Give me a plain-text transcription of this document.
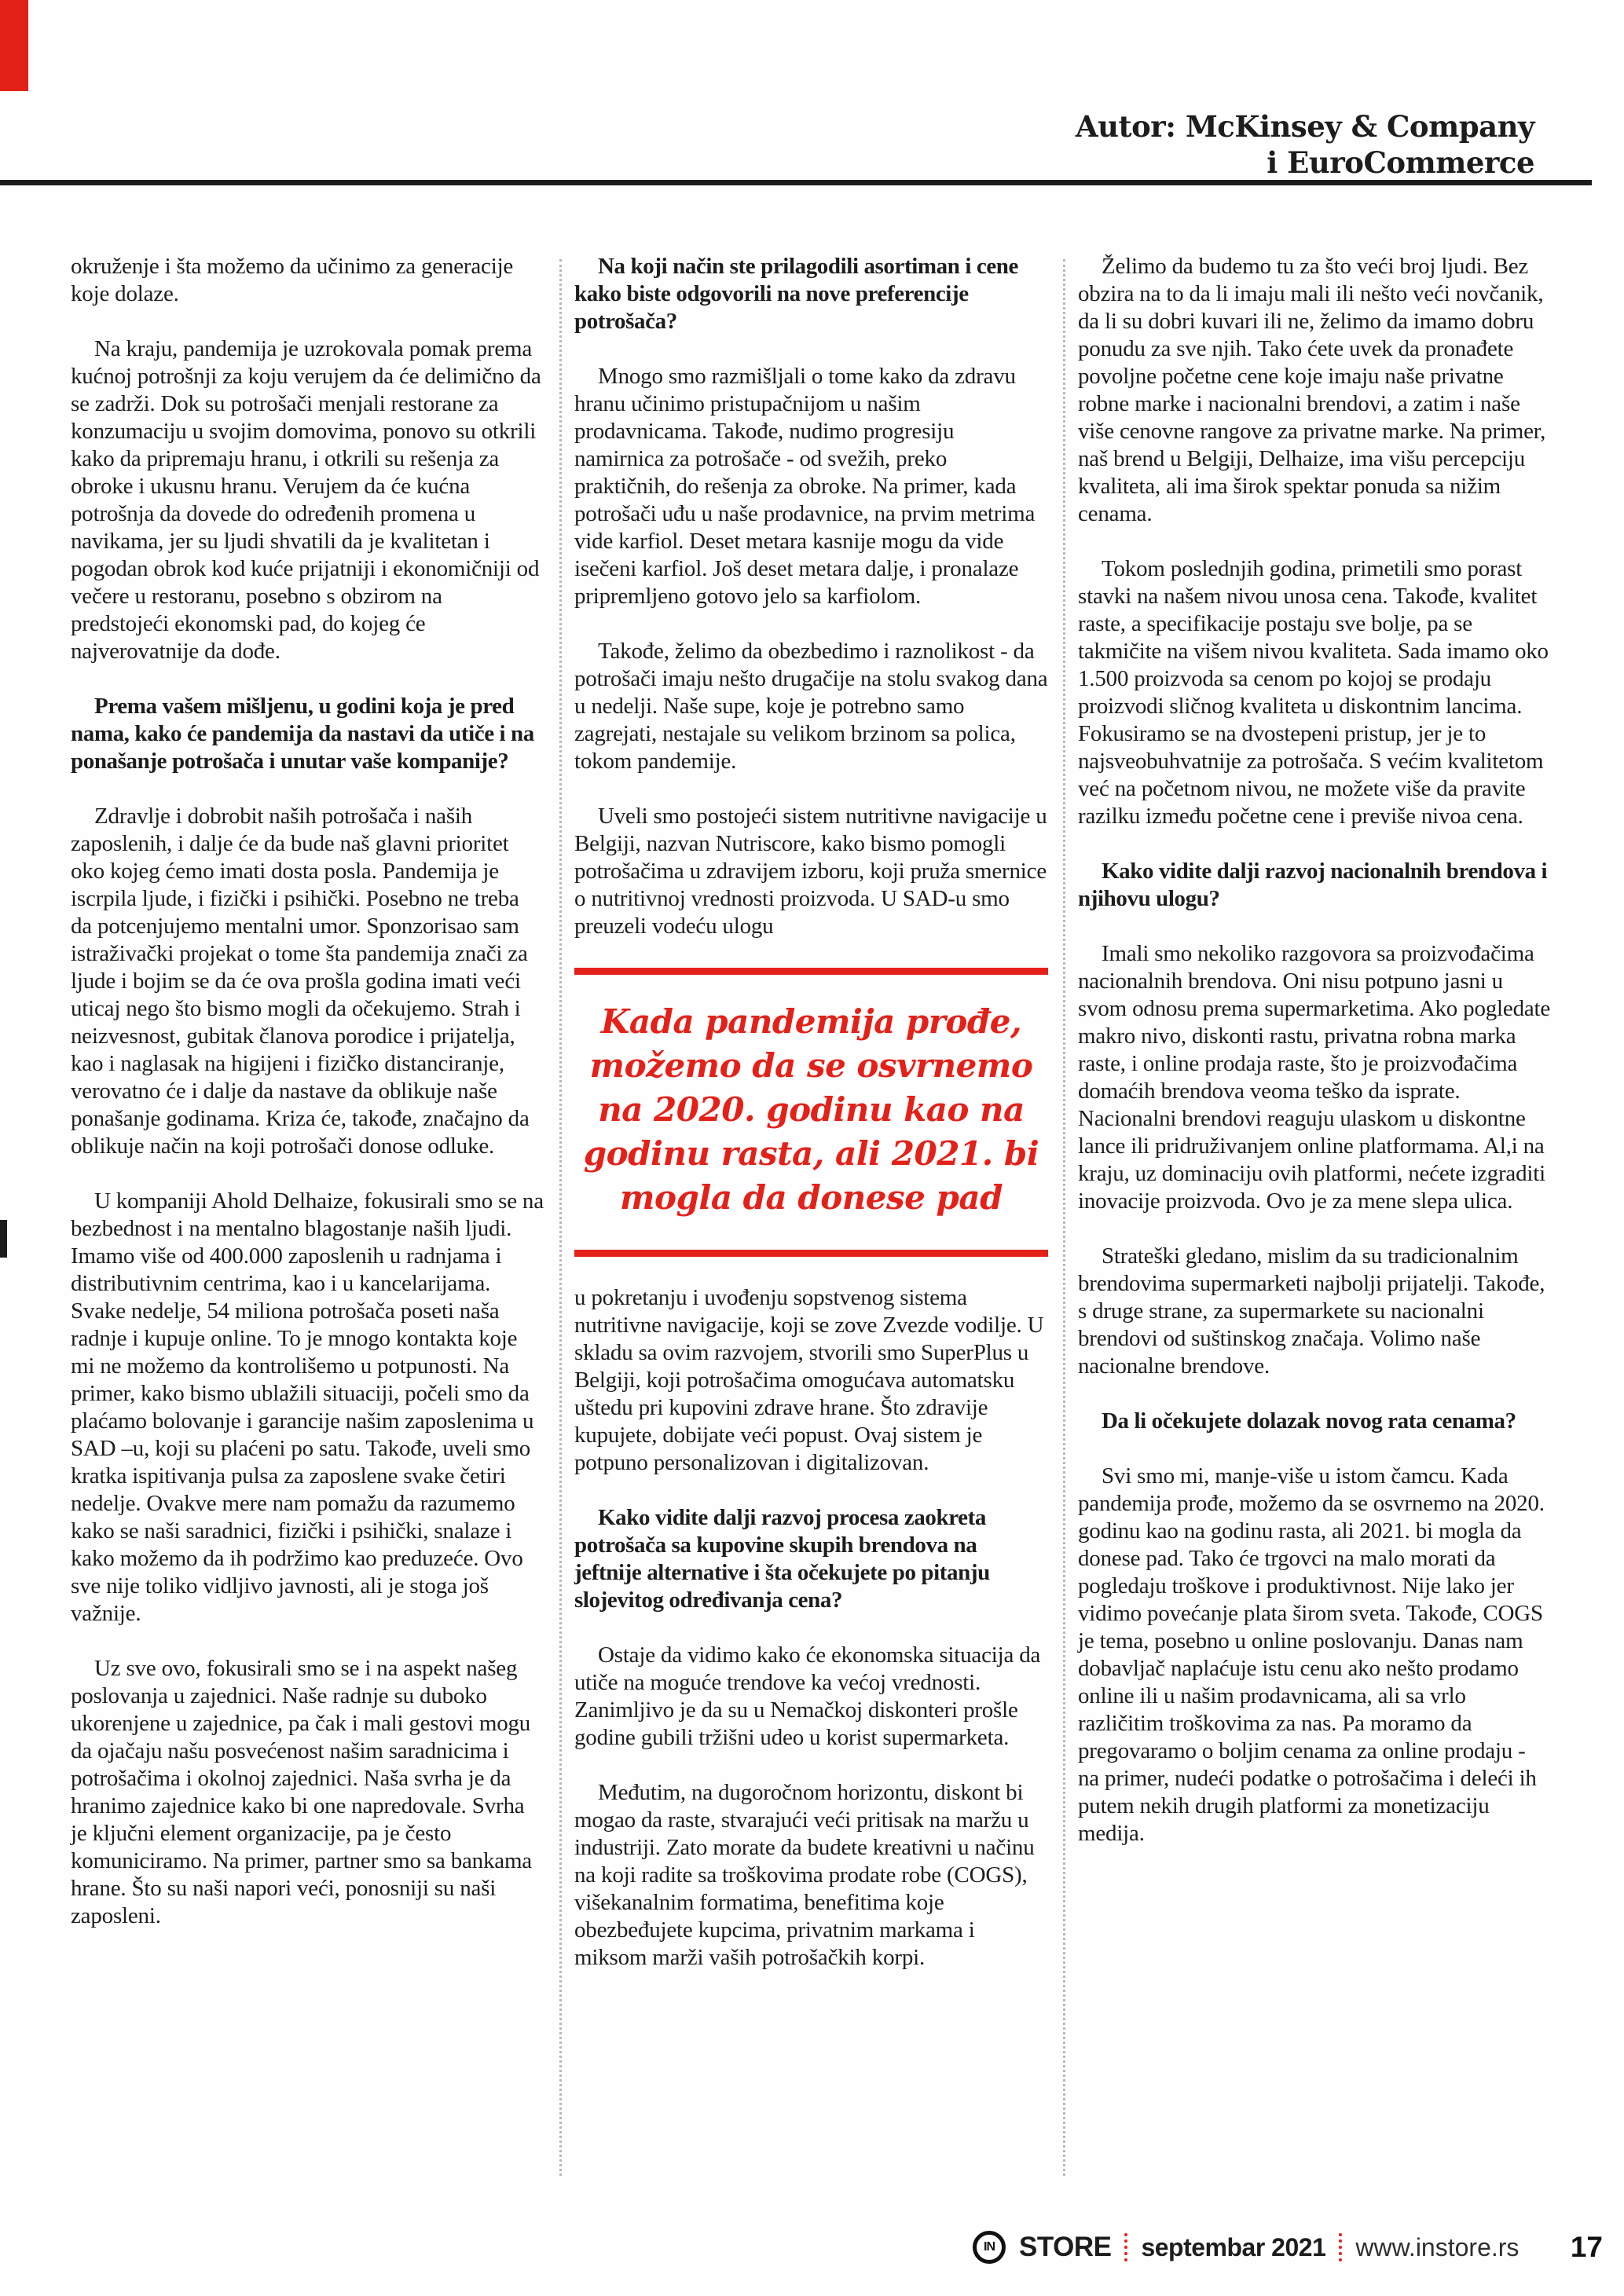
Autor: McKinsey & Company
i EuroCommerce

okruženje i šta možemo da učinimo za generacije koje dolaze.

Na kraju, pandemija je uzrokovala pomak prema kućnoj potrošnji za koju verujem da će delimično da se zadrži. Dok su potrošači menjali restorane za konzumaciju u svojim domovima, ponovo su otkrili kako da pripremaju hranu, i otkrili su rešenja za obroke i ukusnu hranu. Verujem da će kućna potrošnja da dovede do određenih promena u navikama, jer su ljudi shvatili da je kvalitetan i pogodan obrok kod kuće prijatniji i ekonomičniji od večere u restoranu, posebno s obzirom na predstojeći ekonomski pad, do kojeg će najverovatnije da dođe.

Prema vašem mišljenu, u godini koja je pred nama, kako će pandemija da nastavi da utiče i na ponašanje potrošača i unutar vaše kompanije?

Zdravlje i dobrobit naših potrošača i naših zaposlenih, i dalje će da bude naš glavni prioritet oko kojeg ćemo imati dosta posla. Pandemija je iscrpila ljude, i fizički i psihički. Posebno ne treba da potcenjujemo mentalni umor. Sponzorisao sam istraživački projekat o tome šta pandemija znači za ljude i bojim se da će ova prošla godina imati veći uticaj nego što bismo mogli da očekujemo. Strah i neizvesnost, gubitak članova porodice i prijatelja, kao i naglasak na higijeni i fizičko distanciranje, verovatno će i dalje da nastave da oblikuje naše ponašanje godinama. Kriza će, takođe, značajno da oblikuje način na koji potrošači donose odluke.

U kompaniji Ahold Delhaize, fokusirali smo se na bezbednost i na mentalno blagostanje naših ljudi. Imamo više od 400.000 zaposlenih u radnjama i distributivnim centrima, kao i u kancelarijama. Svake nedelje, 54 miliona potrošača poseti naša radnje i kupuje online. To je mnogo kontakta koje mi ne možemo da kontrolišemo u potpunosti. Na primer, kako bismo ublažili situaciji, počeli smo da plaćamo bolovanje i garancije našim zaposlenima u SAD –u, koji su plaćeni po satu. Takođe, uveli smo kratka ispitivanja pulsa za zaposlene svake četiri nedelje. Ovakve mere nam pomažu da razumemo kako se naši saradnici, fizički i psihički, snalaze i kako možemo da ih podržimo kao preduzeće. Ovo sve nije toliko vidljivo javnosti, ali je stoga još važnije.

Uz sve ovo, fokusirali smo se i na aspekt našeg poslovanja u zajednici. Naše radnje su duboko ukorenjene u zajednice, pa čak i mali gestovi mogu da ojačaju našu posvećenost našim saradnicima i potrošačima i okolnoj zajednici. Naša svrha je da hranimo zajednice kako bi one napredovale. Svrha je ključni element organizacije, pa je često komuniciramo. Na primer, partner smo sa bankama hrane. Što su naši napori veći, ponosniji su naši zaposleni.

Na koji način ste prilagodili asortiman i cene kako biste odgovorili na nove preferencije potrošača?

Mnogo smo razmišljali o tome kako da zdravu hranu učinimo pristupačnijom u našim prodavnicama. Takođe, nudimo progresiju namirnica za potrošače - od svežih, preko praktičnih, do rešenja za obroke. Na primer, kada potrošači uđu u naše prodavnice, na prvim metrima vide karfiol. Deset metara kasnije mogu da vide isečeni karfiol. Još deset metara dalje, i pronalaze pripremljeno gotovo jelo sa karfiolom.

Takođe, želimo da obezbedimo i raznolikost - da potrošači imaju nešto drugačije na stolu svakog dana u nedelji. Naše supe, koje je potrebno samo zagrejati, nestajale su velikom brzinom sa polica, tokom pandemije.

Uveli smo postojeći sistem nutritivne navigacije u Belgiji, nazvan Nutriscore, kako bismo pomogli potrošačima u zdravijem izboru, koji pruža smernice o nutritivnoj vrednosti proizvoda. U SAD-u smo preuzeli vodeću ulogu

Kada pandemija prođe, možemo da se osvrnemo na 2020. godinu kao na godinu rasta, ali 2021. bi mogla da donese pad

u pokretanju i uvođenju sopstvenog sistema nutritivne navigacije, koji se zove Zvezde vodilje. U skladu sa ovim razvojem, stvorili smo SuperPlus u Belgiji, koji potrošačima omogućava automatsku uštedu pri kupovini zdrave hrane. Što zdravije kupujete, dobijate veći popust. Ovaj sistem je potpuno personalizovan i digitalizovan.

Kako vidite dalji razvoj procesa zaokreta potrošača sa kupovine skupih brendova na jeftnije alternative i šta očekujete po pitanju slojevitog određivanja cena?

Ostaje da vidimo kako će ekonomska situacija da utiče na moguće trendove ka većoj vrednosti. Zanimljivo je da su u Nemačkoj diskonteri prošle godine gubili tržišni udeo u korist supermarketa.

Međutim, na dugoročnom horizontu, diskont bi mogao da raste, stvarajući veći pritisak na maržu u industriji. Zato morate da budete kreativni u načinu na koji radite sa troškovima prodate robe (COGS), višekanalnim formatima, benefitima koje obezbeđujete kupcima, privatnim markama i miksom marži vaših potrošačkih korpi.

Želimo da budemo tu za što veći broj ljudi. Bez obzira na to da li imaju mali ili nešto veći novčanik, da li su dobri kuvari ili ne, želimo da imamo dobru ponudu za sve njih. Tako ćete uvek da pronađete povoljne početne cene koje imaju naše privatne robne marke i nacionalni brendovi, a zatim i naše više cenovne rangove za privatne marke. Na primer, naš brend u Belgiji, Delhaize, ima višu percepciju kvaliteta, ali ima širok spektar ponuda sa nižim cenama.

Tokom poslednjih godina, primetili smo porast stavki na našem nivou unosa cena. Takođe, kvalitet raste, a specifikacije postaju sve bolje, pa se takmičite na višem nivou kvaliteta. Sada imamo oko 1.500 proizvoda sa cenom po kojoj se prodaju proizvodi sličnog kvaliteta u diskontnim lancima. Fokusiramo se na dvostepeni pristup, jer je to najsveobuhvatnije za potrošača. S većim kvalitetom već na početnom nivou, ne možete više da pravite razilku između početne cene i previše nivoa cena.

Kako vidite dalji razvoj nacionalnih brendova i njihovu ulogu?

Imali smo nekoliko razgovora sa proizvođačima nacionalnih brendova. Oni nisu potpuno jasni u svom odnosu prema supermarketima. Ako pogledate makro nivo, diskonti rastu, privatna robna marka raste, i online prodaja raste, što je proizvođačima domaćih brendova veoma teško da isprate. Nacionalni brendovi reaguju ulaskom u diskontne lance ili pridruživanjem online platformama. Al,i na kraju, uz dominaciju ovih platformi, nećete izgraditi inovacije proizvoda. Ovo je za mene slepa ulica.

Strateški gledano, mislim da su tradicionalnim brendovima supermarketi najbolji prijatelji. Takođe, s druge strane, za supermarkete su nacionalni brendovi od suštinskog značaja. Volimo naše nacionalne brendove.

Da li očekujete dolazak novog rata cenama?

Svi smo mi, manje-više u istom čamcu. Kada pandemija prođe, možemo da se osvrnemo na 2020. godinu kao na godinu rasta, ali 2021. bi mogla da donese pad. Tako će trgovci na malo morati da pogledaju troškove i produktivnost. Nije lako jer vidimo povećanje plata širom sveta. Takođe, COGS je tema, posebno u online poslovanju. Danas nam dobavljač naplaćuje istu cenu ako nešto prodamo online ili u našim prodavnicama, ali sa vrlo različitim troškovima za nas. Pa moramo da pregovaramo o boljim cenama za online prodaju - na primer, nudeći podatke o potrošačima i deleći ih putem nekih drugih platformi za monetizaciju medija.

IN STORE septembar 2021 www.instore.rs 17
